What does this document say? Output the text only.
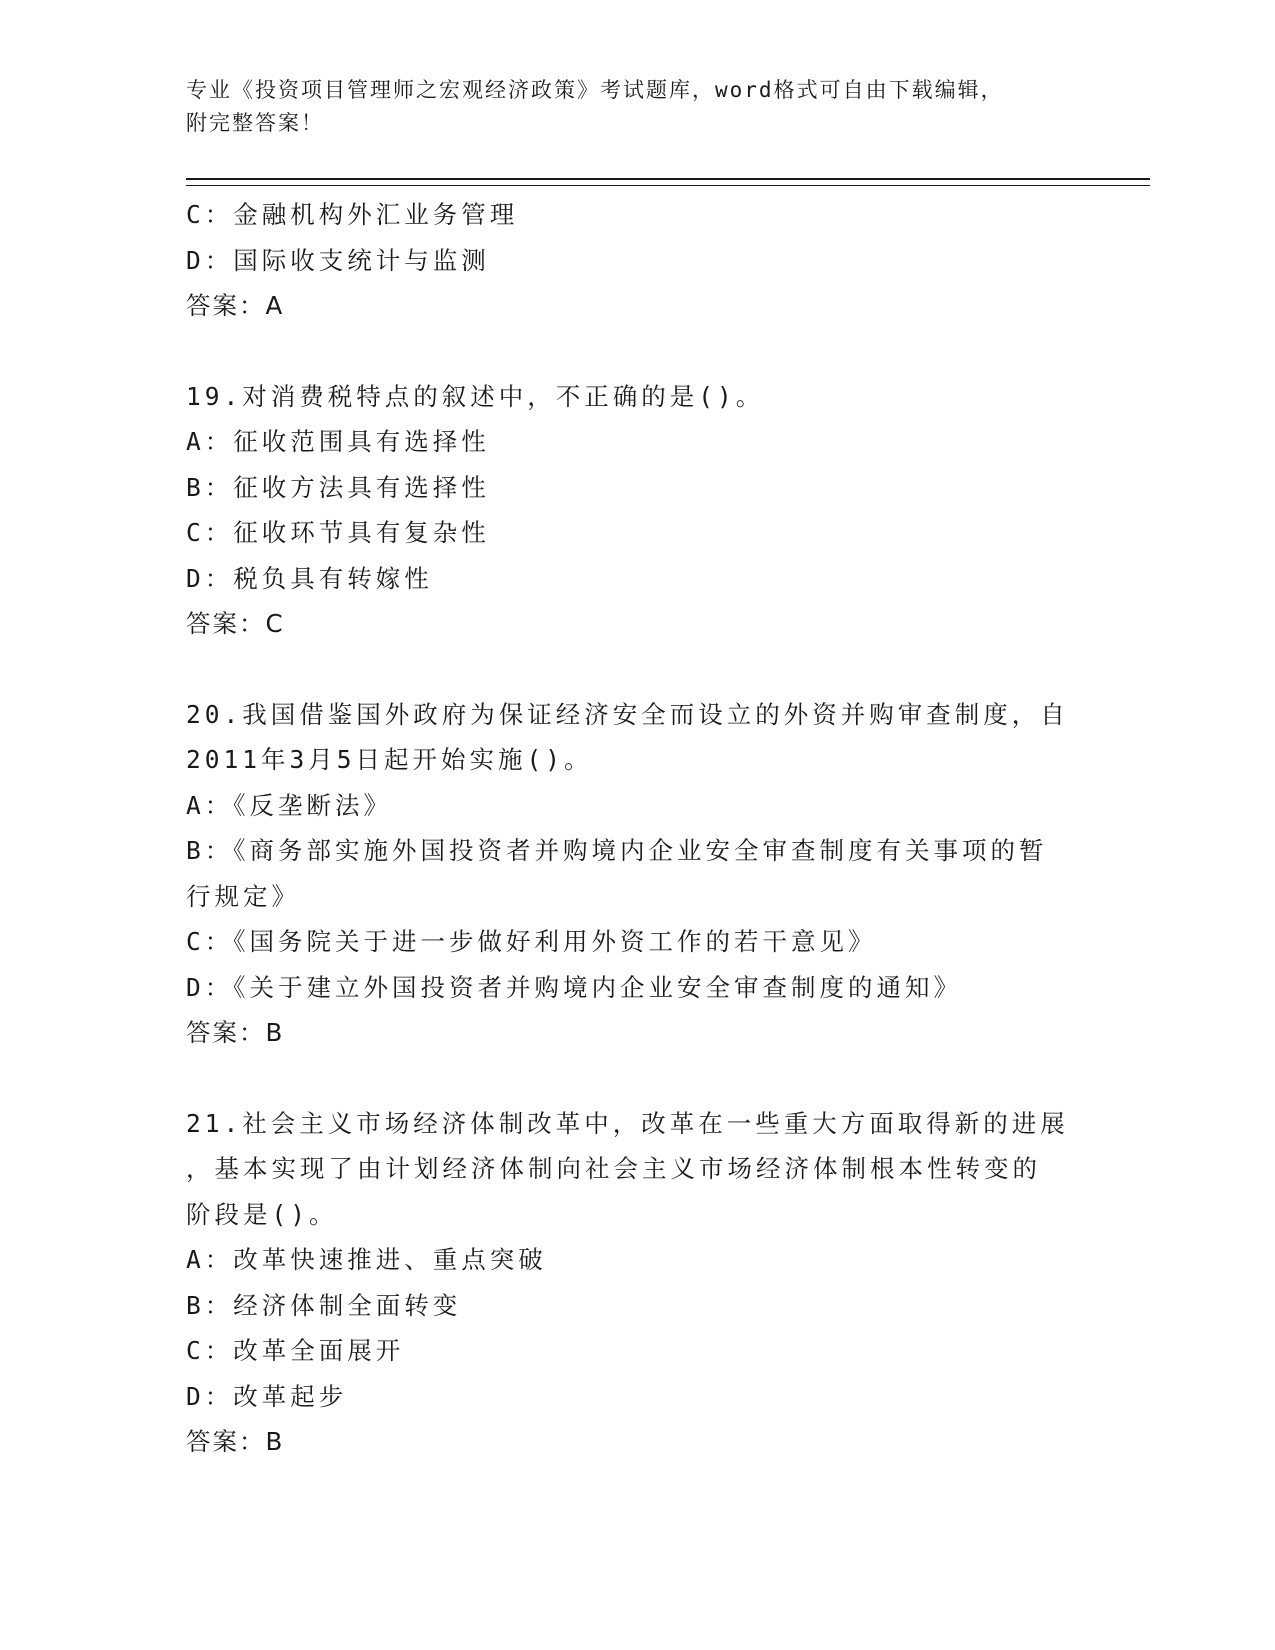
专业《投资项目管理师之宏观经济政策》考试题库，word格式可自由下载编辑，
附完整答案！
C：金融机构外汇业务管理
D：国际收支统计与监测
答案：A
19.对消费税特点的叙述中，不正确的是()。
A：征收范围具有选择性
B：征收方法具有选择性
C：征收环节具有复杂性
D：税负具有转嫁性
答案：C
20.我国借鉴国外政府为保证经济安全而设立的外资并购审查制度，自
2011年3月5日起开始实施()。
A：《反垄断法》
B：《商务部实施外国投资者并购境内企业安全审查制度有关事项的暂
行规定》
C：《国务院关于进一步做好利用外资工作的若干意见》
D：《关于建立外国投资者并购境内企业安全审查制度的通知》
答案：B
21.社会主义市场经济体制改革中，改革在一些重大方面取得新的进展
，基本实现了由计划经济体制向社会主义市场经济体制根本性转变的
阶段是()。
A：改革快速推进、重点突破
B：经济体制全面转变
C：改革全面展开
D：改革起步
答案：B
